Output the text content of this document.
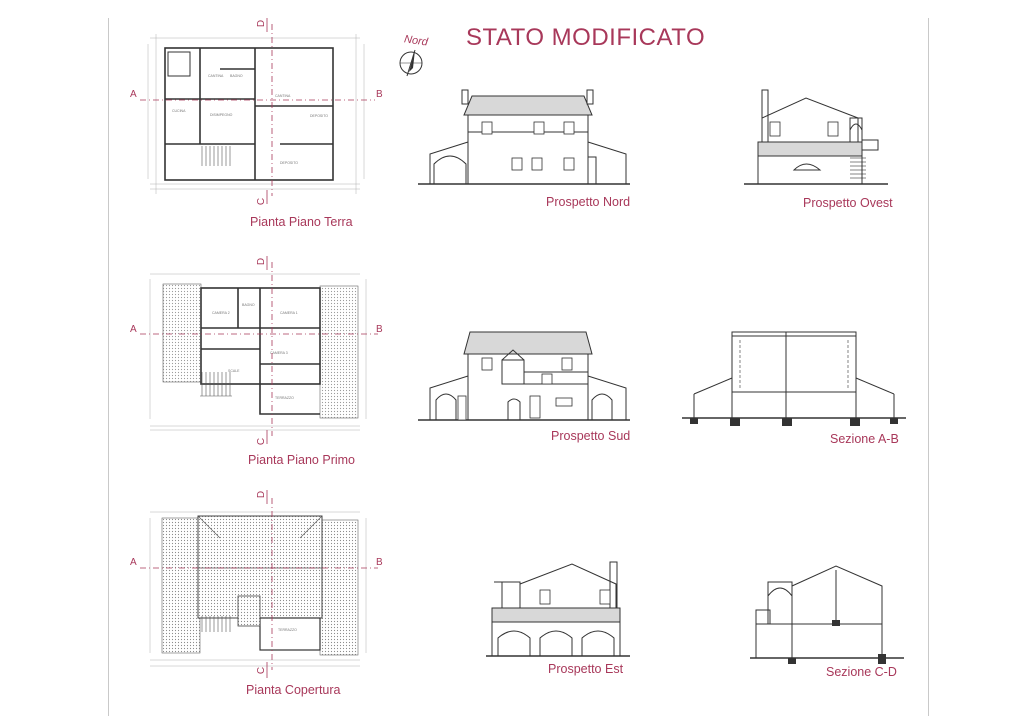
STATO MODIFICATO
Nord
CANTINA BAGNO
DISIMPEGNO
CUCINA
CANTINA
DEPOSITO
DEPOSITO
A	B
D
C
Pianta Piano Terra
CAMERA 2
BAGNO
CAMERA 1
CAMERA 3
TERRAZZO
SCALE
A	B
D
C
Pianta Piano Primo
TERRAZZO
A	B
D
C
Pianta Copertura
Prospetto Nord	Prospetto Ovest
Prospetto Sud	Sezione A-B
Prospetto Est	Sezione C-D
